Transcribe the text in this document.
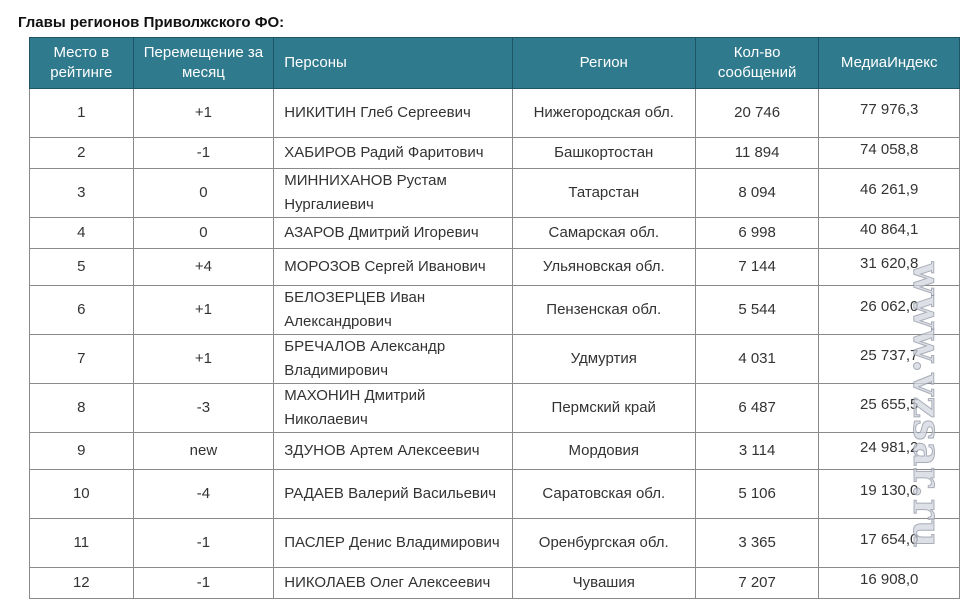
Главы регионов Приволжского ФО:
Место в рейтинге	Перемещение за месяц	Персоны	Регион	Кол-во сообщений	МедиаИндекс
1	+1	НИКИТИН Глеб Сергеевич	Нижегородская обл.	20 746	77 976,3
2	-1	ХАБИРОВ Радий Фаритович	Башкортостан	11 894	74 058,8
3	0	МИННИХАНОВ Рустам Нургалиевич	Татарстан	8 094	46 261,9
4	0	АЗАРОВ Дмитрий Игоревич	Самарская обл.	6 998	40 864,1
5	+4	МОРОЗОВ Сергей Иванович	Ульяновская обл.	7 144	31 620,8
6	+1	БЕЛОЗЕРЦЕВ Иван Александрович	Пензенская обл.	5 544	26 062,0
7	+1	БРЕЧАЛОВ Александр Владимирович	Удмуртия	4 031	25 737,7
8	-3	МАХОНИН Дмитрий Николаевич	Пермский край	6 487	25 655,5
9	new	ЗДУНОВ Артем Алексеевич	Мордовия	3 114	24 981,2
10	-4	РАДАЕВ Валерий Васильевич	Саратовская обл.	5 106	19 130,0
11	-1	ПАСЛЕР Денис Владимирович	Оренбургская обл.	3 365	17 654,0
12	-1	НИКОЛАЕВ Олег Алексеевич	Чувашия	7 207	16 908,0
www.vzsar.ru
